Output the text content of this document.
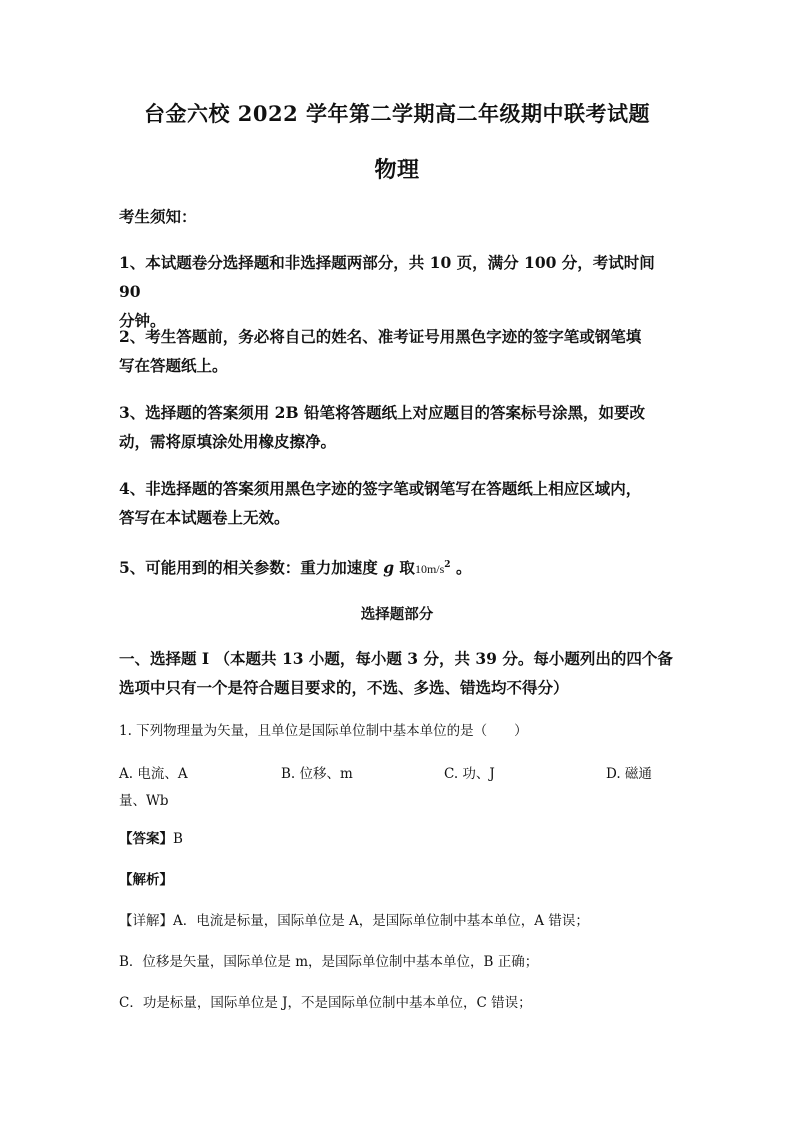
台金六校 2022 学年第二学期高二年级期中联考试题
物理
考生须知：
1、本试题卷分选择题和非选择题两部分，共 10 页，满分 100 分，考试时间 90
分钟。
2、考生答题前，务必将自己的姓名、准考证号用黑色字迹的签字笔或钢笔填
写在答题纸上。
3、选择题的答案须用 2B 铅笔将答题纸上对应题目的答案标号涂黑，如要改
动，需将原填涂处用橡皮擦净。
4、非选择题的答案须用黑色字迹的签字笔或钢笔写在答题纸上相应区域内，
答写在本试题卷上无效。
5、可能用到的相关参数：重力加速度 g 取$10m/s^2$ 。
选择题部分
一、选择题 I （本题共 13 小题，每小题 3 分，共 39 分。每小题列出的四个备
选项中只有一个是符合题目要求的，不选、多选、错选均不得分）
1. 下列物理量为矢量，且单位是国际单位制中基本单位的是（　　）
A. 电流、A	B. 位移、m	C. 功、J	D. 磁通
量、Wb
【答案】B
【解析】
【详解】A．电流是标量，国际单位是 A，是国际单位制中基本单位，A 错误；
B．位移是矢量，国际单位是 m，是国际单位制中基本单位，B 正确；
C．功是标量，国际单位是 J，不是国际单位制中基本单位，C 错误；
